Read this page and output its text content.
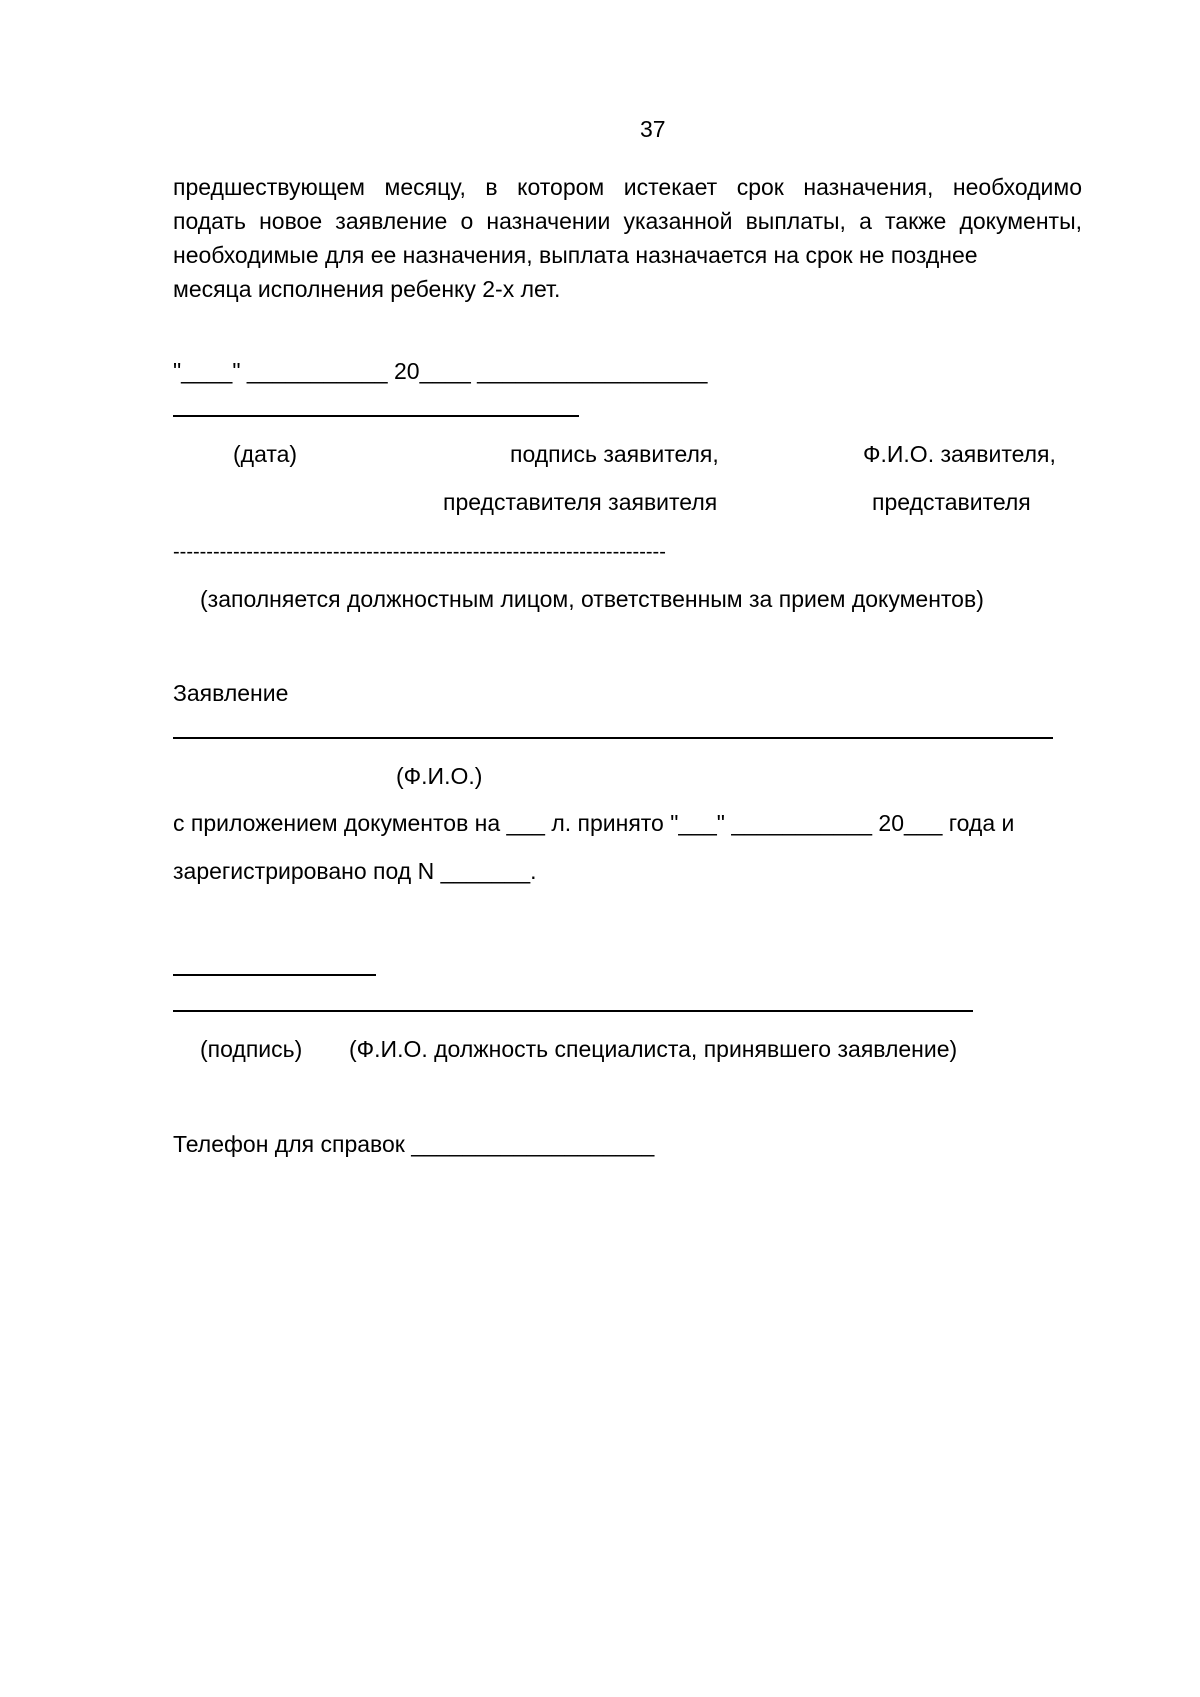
37
предшествующем месяцу, в котором истекает срок назначения, необходимо
подать новое заявление о назначении указанной выплаты, а также документы,
необходимые для ее назначения, выплата назначается на срок не позднее
месяца исполнения ребенку 2-х лет.
"____" ___________ 20____ __________________
(дата)	подпись заявителя,	Ф.И.О. заявителя,
представителя заявителя	представителя
--------------------------------------------------------------------------
(заполняется должностным лицом, ответственным за прием документов)
Заявление
(Ф.И.О.)
с приложением документов на ___ л. принято "___" ___________ 20___ года и
зарегистрировано под N _______.
(подпись) (Ф.И.О. должность специалиста, принявшего заявление)
Телефон для справок ___________________
